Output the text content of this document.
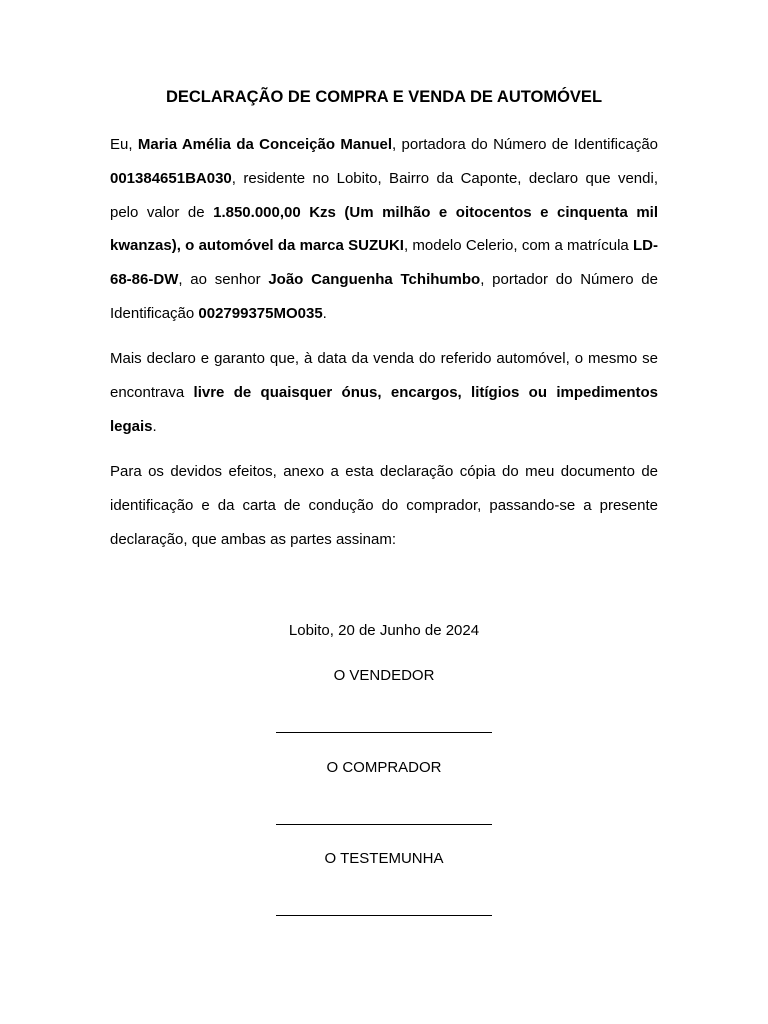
DECLARAÇÃO DE COMPRA E VENDA DE AUTOMÓVEL
Eu, Maria Amélia da Conceição Manuel, portadora do Número de Identificação 001384651BA030, residente no Lobito, Bairro da Caponte, declaro que vendi, pelo valor de 1.850.000,00 Kzs (Um milhão e oitocentos e cinquenta mil kwanzas), o automóvel da marca SUZUKI, modelo Celerio, com a matrícula LD-68-86-DW, ao senhor João Canguenha Tchihumbo, portador do Número de Identificação 002799375MO035.
Mais declaro e garanto que, à data da venda do referido automóvel, o mesmo se encontrava livre de quaisquer ónus, encargos, litígios ou impedimentos legais.
Para os devidos efeitos, anexo a esta declaração cópia do meu documento de identificação e da carta de condução do comprador, passando-se a presente declaração, que ambas as partes assinam:
Lobito, 20 de Junho de 2024
O VENDEDOR
O COMPRADOR
O TESTEMUNHA
